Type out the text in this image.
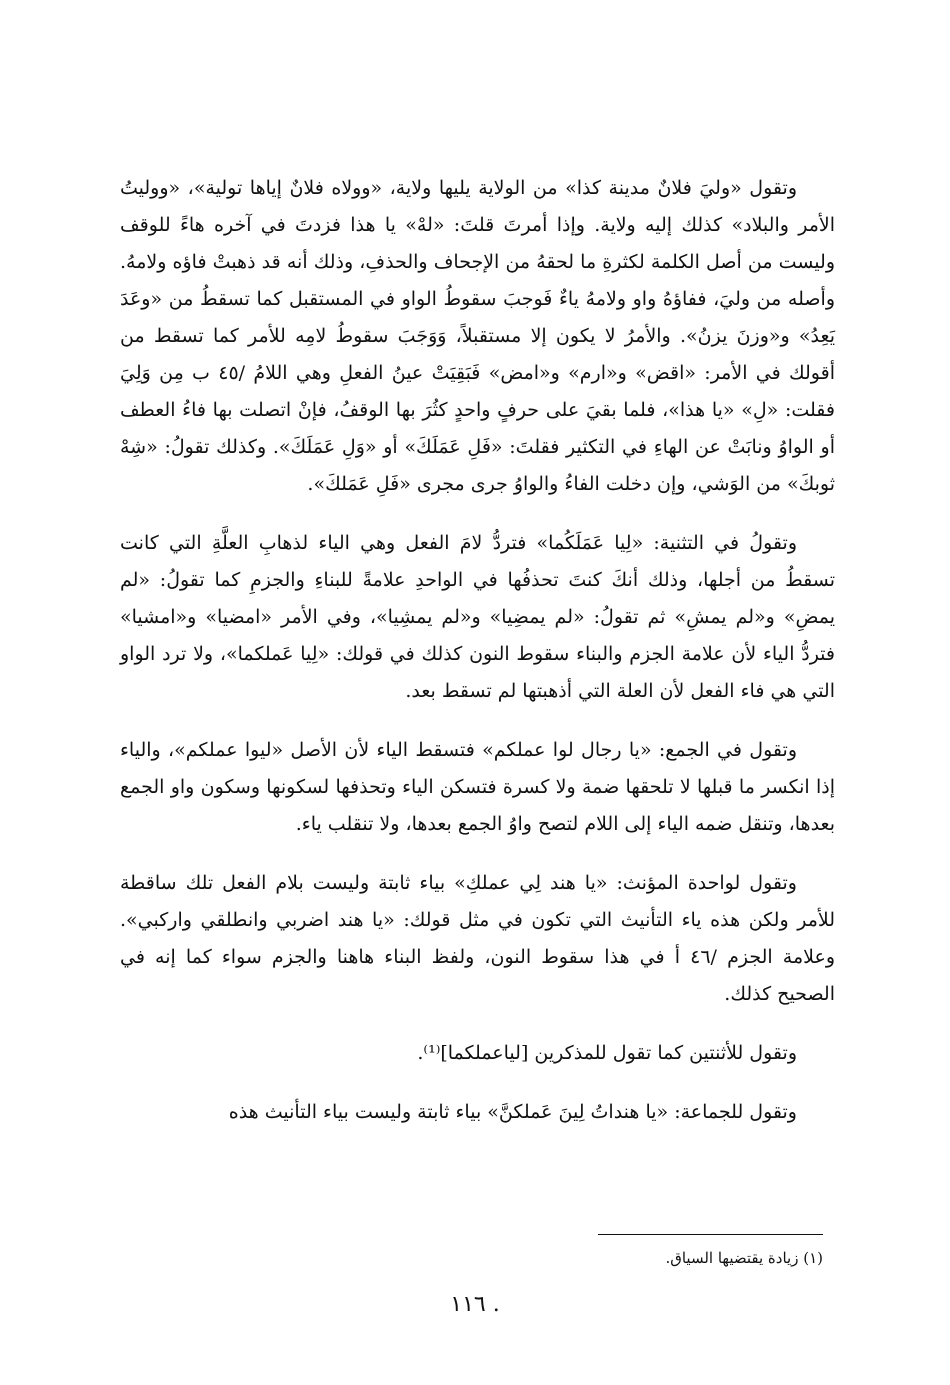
وتقول «وليَ فلانٌ مدينة كذا» من الولاية يليها ولاية، «وولاه فلانٌ إياها تولية»، «ووليتُ الأمر والبلاد» كذلك إليه ولاية. وإذا أمرتَ قلتَ: «لهْ» يا هذا فزدتَ في آخره هاءً للوقف وليست من أصل الكلمة لكثرةِ ما لحقهُ من الإجحاف والحذفِ، وذلك أنه قد ذهبتْ فاؤه ولامهُ. وأصله من وليَ، ففاؤهُ واو ولامهُ ياءٌ فَوجبَ سقوطُ الواو في المستقبل كما تسقطُ من «وعَدَ يَعِدُ» و«وزنَ يزنُ». والأمرُ لا يكون إلا مستقبلاً، وَوَجَبَ سقوطُ لامِه للأمر كما تسقط من أقولك في الأمر: «اقض» و«ارم» و«امض» فَبَقِيَتْ عينُ الفعلِ وهي اللامُ /٤٥ ب مِن وَلِيَ فقلت: «لِ» «يا هذا»، فلما بقيَ على حرفٍ واحدٍ كثُرَ بها الوقفُ، فإنْ اتصلت بها فاءُ العطف أو الواوُ ونابَتْ عن الهاءِ في التكثير فقلتَ: «فَلِ عَمَلَكَ» أو «وَلِ عَمَلَكَ». وكذلك تقولُ: «شِهْ ثوبكَ» من الوَشي، وإن دخلت الفاءُ والواوُ جرى مجرى «فَلِ عَمَلكَ».

وتقولُ في التثنية: «لِيا عَمَلَكُما» فتردُّ لامَ الفعل وهي الياء لذهابِ العلَّةِ التي كانت تسقطُ من أجلها، وذلك أنكَ كنتَ تحذفُها في الواحدِ علامةً للبناءِ والجزمِ كما تقولُ: «لم يمضِ» و«لم يمشِ» ثم تقولُ: «لم يمضِيا» و«لم يمشِيا»، وفي الأمر «امضيا» و«امشيا» فتردُّ الياء لأن علامة الجزم والبناء سقوط النون كذلك في قولك: «لِيا عَملكما»، ولا ترد الواو التي هي فاء الفعل لأن العلة التي أذهبتها لم تسقط بعد.

وتقول في الجمع: «يا رجال لوا عملكم» فتسقط الياء لأن الأصل «ليوا عملكم»، والياء إذا انكسر ما قبلها لا تلحقها ضمة ولا كسرة فتسكن الياء وتحذفها لسكونها وسكون واو الجمع بعدها، وتنقل ضمه الياء إلى اللام لتصح واوُ الجمع بعدها، ولا تنقلب ياء.

وتقول لواحدة المؤنث: «يا هند لِي عملكِ» بياء ثابتة وليست بلام الفعل تلك ساقطة للأمر ولكن هذه ياء التأنيث التي تكون في مثل قولك: «يا هند اضربي وانطلقي واركبي». وعلامة الجزم /٤٦ أ في هذا سقوط النون، ولفظ البناء هاهنا والجزم سواء كما إنه في الصحيح كذلك.

وتقول للأثنتين كما تقول للمذكرين [لياعملكما]⁽¹⁾.

وتقول للجماعة: «يا هنداتُ لِينَ عَملكنَّ» بياء ثابتة وليست بياء التأنيث هذه

(١) زيادة يقتضيها السياق.
. ١١٦
